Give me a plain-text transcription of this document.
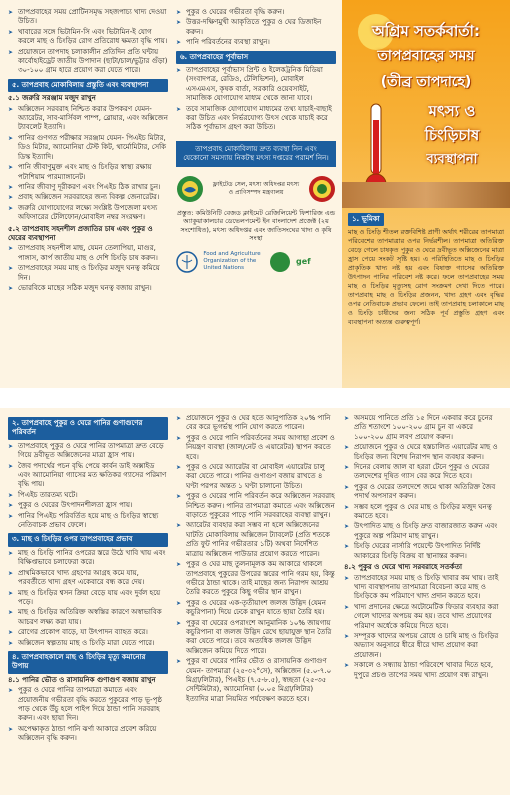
➤ তাপপ্রবাহের সময় প্রোটিনসমৃদ্ধ সহজপাচ্য খাদ্য দেওয়া উচিত।
➤ খাবারের সঙ্গে ভিটামিন-সি এবং ভিটামিন-ই যোগ করলে মাছ ও চিংড়ির রোগ প্রতিরোধ ক্ষমতা বৃদ্ধি পায়।
➤ প্রয়োজনে তাপদাহ চলাকালীন প্রতিদিন প্রতি ঘন্টায় কার্বোহাইড্রেট জাতীয় উপাদান (ছাটা/চাল/ভুট্টার গুঁড়া) ৩০-১০০ গ্রাম হারে প্রয়োগ করা যেতে পারে।
৫. তাপপ্রবাহ মোকাবিলায় প্রস্তুতি এবং ব্যবস্থাপনা
৫.১ জরুরি সরঞ্জাম মজুদ রাখুন
➤ অক্সিজেন সরবরাহ নিশ্চিত করার উপকরণ যেমন- অ্যারেটর, সাব-মার্সিবল পাম্প, ব্লোয়ার, এবং অক্সিজেন ট্যাবলেট ইত্যাদি।
➤ পানির গুণগত পরীক্ষার সরঞ্জাম যেমন- পিএইচ মিটার, ডিও মিটার, অ্যামোনিয়া টেস্ট কিট, থার্মোমিটার, সেকি ডিস্ক ইত্যাদি।
➤ পানি জীবাণুমুক্ত এবং মাছ ও চিংড়ির স্বাস্থ্য রক্ষায় পটাশিয়াম পারম্যাঙ্গানেট।
➤ পানির জীবাণু দূরীকরণ এবং পিএইচ ঠিক রাখার চুন।
➤ প্রবাহ অক্সিজেন সরবরাহের জন্য বিকল্প জেনারেটর।
➤ জরুরি যোগাযোগের লক্ষ্যে সংশ্লিষ্ট উপজেলা মৎস্য অফিসারের টেলিফোন/মোবাইল নম্বর সংরক্ষণ।
৫.২ তাপপ্রবাহ সহনশীল প্রজাতির চাষ এবং পুকুর ও ঘেরের ব্যবস্থাপনা
➤ তাপপ্রবাহ সহনশীল মাছ, যেমন তেলাপিয়া, মাগুর, পাঙ্গাস, কার্প জাতীয় মাছ ও দেশি চিংড়ি চাষ করুন।
➤ তাপপ্রবাহের সময় মাছ ও চিংড়ির মজুদ ঘনত্ব কমিয়ে দিন।
➤ ভোরবিকে মাছের সঠিক মজুদ ঘনত্ব বজায় রাখুন।
➤ পুকুর ও ঘেরের গভীরতা বৃদ্ধি করুন।
➤ উত্তর-দক্ষিণমুখী আকৃতিতে পুকুর ও ঘের ডিজাইন করুন।
➤ পানি পরিবর্তনের ব্যবস্থা রাখুন।
৬. তাপপ্রবাহের পূর্বাভাস
➤ তাপপ্রবাহের পূর্বাভাস প্রিন্ট ও ইলেকট্রনিক মিডিয়া (সংবাদপত্র, রেডিও, টেলিভিশন), মোবাইল এসএমএস, কৃষক বার্তা, সরকারি ওয়েবসাইট, সামাজিক যোগাযোগ মাধ্যম থেকে জানা যাবে।
➤ তবে সামাজিক যোগাযোগ মাধ্যমের তথ্য যাচাই-বাছাই করা উচিত এবং নির্ভরযোগ্য উৎস থেকে যাচাই করে সঠিক পূর্বাভাস গ্রহণ করা উচিত।
তাপপ্রবাহ মোকাবিলায় দ্রুত ব্যবস্থা নিন এবং যেকোনো সমস্যায় নিকটস্থ মৎস্য দপ্তরের পরামর্শ নিন।
ফ্লাইটেড সেল, মৎস্য অধিদপ্তর মৎস্য ও প্রাণিসম্পদ মন্ত্রণালয়
প্রস্তুত: কমিউনিটি বেজড ক্লাইমেট রেজিলিয়েন্ট ফিশারিজ এন্ড অ্যাকুয়াকালচার ডেভেলপমেন্ট ইন বাংলাদেশ প্রজেক্ট (২য় সংশোধিত), মৎস্য অধিদপ্তর এবং জাতিসংঘের খাদ্য ও কৃষি সংস্থা
Food and Agriculture Organization of the United Nations
gef
অগ্রিম সতর্কবার্তা:
তাপপ্রবাহের সময়
(তীব্র তাপদাহে)
মৎস্য ও
চিংড়িচাষ
ব্যবস্থাপনা
১. ভূমিকা
মাছ ও চিংড়ি শীতল রক্তবিশিষ্ট প্রাণী অর্থাৎ শরীরের তাপমাত্রা পরিবেশের তাপমাত্রার ওপর নির্ভরশীল। তাপমাত্রা অতিরিক্ত বেড়ে গেলে চাষকৃত পুকুর ও ঘেরে দ্রবীভূত অক্সিজেনের মাত্রা হ্রাস পেয়ে সংকট সৃষ্টি হয়। এ পরিস্থিতিতে মাছ ও চিংড়ির প্রাকৃতিক খাদ্য নষ্ট হয় এবং বিষাক্ত গ্যাসের অতিরিক্ত উৎপাদন পানির পরিবেশ নষ্ট করে। ফলে তাপপ্রবাহের সময় মাছ ও চিংড়ির মৃত্যুসহ রোগ সংক্রমণ দেখা দিতে পারে। তাপপ্রবাহ মাছ ও চিংড়ির প্রজনন, খাদ্য গ্রহণ এবং বৃদ্ধির ওপর নেতিবাচক প্রভাব ফেলে। তাই তাপপ্রবাহ চলাকালে মাছ ও চিংড়ি চাষীদের জন্য সঠিক পূর্ব প্রস্তুতি গ্রহণ এবং ব্যবস্থাপনা অত্যন্ত গুরুত্বপূর্ণ।
২. তাপপ্রবাহে পুকুর ও ঘেরে পানির গুণাগুণের পরিবর্তন
➤ তাপপ্রবাহে পুকুর ও ঘেরে পানির তাপমাত্রা দ্রুত বেড়ে গিয়ে দ্রবীভূত অক্সিজেনের মাত্রা হ্রাস পায়।
➤ জৈব পদার্থের পচন বৃদ্ধি পেয়ে কার্বন ডাই অক্সাইড এবং অ্যামোনিয়া গ্যাসের মত ক্ষতিকর গ্যাসের পরিমাণ বৃদ্ধি পায়।
➤ পিএইচ তারতম্য ঘটে।
➤ পুকুর ও ঘেরের উৎপাদনশীলতা হ্রাস পায়।
➤ পানির পিএইচ পরিবর্তিত হয়ে মাছ ও চিংড়ির স্বাস্থ্যে নেতিবাচক প্রভাব ফেলে।
৩. মাছ ও চিংড়ির ওপর তাপপ্রবাহের প্রভাব
➤ মাছ ও চিংড়ি পানির ওপরের স্তরে উঠে খাবি খায় এবং বিক্ষিপ্তভাবে চলাফেরা করে।
➤ প্রাথমিকভাবে খাদ্য গ্রহণের আগ্রহ কমে যায়, পরবর্তীতে খাদ্য গ্রহণ একেবারে বন্ধ করে দেয়।
➤ মাছ ও চিংড়ির শ্বসন ক্রিয়া বেড়ে যায় এবং দুর্বল হয়ে পড়ে।
➤ মাছ ও চিংড়ির অতিরিক্ত অস্বস্তির কারণে অস্বাভাবিক আচরণ লক্ষ্য করা যায়।
➤ রোগের প্রকোপ বাড়ে, যা উৎপাদন ব্যাহত করে।
➤ অক্সিজেন স্বল্পতায় মাছ ও চিংড়ি মারা যেতে পারে।
৪. তাপপ্রবাহকালে মাছ ও চিংড়ির মৃত্যু কমানোর উপায়
৪.১ পানির ভৌত ও রাসায়নিক গুণাগুণ বজায় রাখুন
➤ পুকুর ও ঘেরে পানির তাপমাত্রা কমাতে এবং প্রয়োজনীয় গভীরতা বৃদ্ধি করতে পুকুরের পাড় ভূ-পৃষ্ঠ পাড় থেকে উঁচু হলে পাইপ দিয়ে ঠান্ডা পানি সরবরাহ করুন। এবং ছায়া দিন।
➤ অপেক্ষাকৃত ঠান্ডা পানি ঝর্ণা আকারে প্রবেশ করিয়ে অক্সিজেন বৃদ্ধি করুন।
➤ প্রয়োজনে পুকুর ও ঘের হতে আনুপাতিক ২০% পানি বের করে ভূগর্ভস্থ পানি যোগ করতে পারেন।
➤ পুকুর ও ঘেরে পানি পরিবর্তনের সময় আগাছা প্রবেশ ও নিয়ন্ত্রণ ব্যবস্থা (জাল/নেট ও এয়ারেটর) স্থাপন করতে হবে।
➤ পুকুর ও ঘেরে অ্যারেটর বা মোবাইল এয়ারেটর চালু করা যেতে পারে। পানির গুণাগুণ বজায় রাখতে ৪ ঘণ্টা পরপর অন্তত ১ ঘণ্টা চালানো উচিত।
➤ পুকুর ও ঘেরের পানি পরিবর্তন করে অক্সিজেন সরবরাহ নিশ্চিত করুন। পানির তাপমাত্রা কমাতে এবং অক্সিজেন বাড়াতে পুকুরের পাড়ে পানি সরবরাহের ব্যবস্থা রাখুন।
➤ অ্যারেটর ব্যবহার করা সম্ভব না হলে অক্সিজেনের ঘাটতি মোকাবিলায় অক্সিজেন ট্যাবলেট (প্রতি শতকে প্রতি ফুট পানির গভীরতার ১টি) অথবা নির্দেশিত মাত্রায় অক্সিজেন পাউডার প্রয়োগ করতে পারেন।
➤ পুকুর ও ঘের মাছ তুলনামূলক কম আকারে থাকলে তাপপ্রবাহে পুকুরের উপরের স্তরের পানি গরম হয়, কিন্তু গভীরে ঠান্ডা থাকে। তাই মাছের জন্য নিরাপদ আশ্রয় তৈরি করতে পুকুরে কিছু গভীর স্থান রাখুন।
➤ পুকুর ও ঘেরের এক-তৃতীয়াংশ জলজ উদ্ভিদ (যেমন কচুরিপানা) দিয়ে ঢেকে রাখুন যাতে ছায়া তৈরি হয়।
➤ পুকুর বা ঘেরের ওপরাংশে আনুমানিক ১০% জায়গায় কচুরিপানা বা জলজ উদ্ভিদ রেখে ছায়াযুক্ত স্থান তৈরি করা যেতে পারে। তবে অত্যধিক জলজ উদ্ভিদ অক্সিজেন কমিয়ে দিতে পারে।
➤ পুকুর বা ঘেরের পানির ভৌত ও রাসায়নিক গুণাগুণ যেমন- তাপমাত্রা (২৫-৩২°সে), অক্সিজেন (৫.০-৭.০ মিগ্রা/লিটার), পিএইচ (৭.৫-৮.৫), স্বচ্ছতা (২৫-৩৫ সেন্টিমিটার), অ্যামোনিয়া (০.০৫ মিগ্রা/লিটার) ইত্যাদির মাত্রা নিয়মিত পর্যবেক্ষণ করতে হবে।
➤ অসময়ে পানিতে প্রতি ১৫ দিনে একবার করে চুনের প্রতি শতাংশে ১০০-২০০ গ্রাম চুন বা একরে ১০০-২০০ গ্রাম লবণ প্রয়োগ করুন।
➤ প্রয়োজনে পুকুর ও ঘেরে হস্তচালিত এয়ারেটর মাছ ও চিংড়ির জন্য বিশেষ নিরাপদ স্থান ব্যবহার করুন।
➤ দিনের বেলায় জাল বা হররা টেনে পুকুর ও ঘেরের তলদেশের দূষিত গ্যাস বের করে দিতে হবে।
➤ পুকুর ও ঘেরের তলদেশে জমে থাকা অতিরিক্ত জৈব পদার্থ অপসারণ করুন।
➤ সম্ভব হলে পুকুর ও ঘের মাছ ও চিংড়ির মজুদ ঘনত্ব কমাতে হবে।
➤ উৎপাদিত মাছ ও চিংড়ি দ্রুত বাজারজাত করুন এবং পুকুরে অল্প পরিমাণ মাছ রাখুন।
➤ চিংড়ি ঘেরের নার্সারি পয়েন্টে উৎপাদিত নির্দিষ্ট আকারের চিংড়ি বিক্রয় বা স্থানান্তর করুন।
৪.২ পুকুর ও ঘেরে খাদ্য সরবরাহে সতর্কতা
➤ তাপপ্রবাহের সময় মাছ ও চিংড়ি খাবার কম খায়। তাই খাদ্য ব্যবস্থাপনায় তাপমাত্রা বিবেচনা করে মাছ ও চিংড়িকে কম পরিমাণে খাদ্য প্রদান করতে হবে।
➤ খাদ্য প্রদানের ক্ষেত্রে অটোমেটিক ফিডার ব্যবহার করা গেলে খাদ্যের অপচয় কম হয়। তবে খাদ্য প্রয়োগের পরিমাণ অর্ধেকে কমিয়ে দিতে হবে।
➤ সম্পূরক খাদ্যের অপচয় রোধে ও চাষি মাছ ও চিংড়ির অভ্যাস অনুসারে ধীরে ধীরে খাদ্য প্রয়োগ করা প্রয়োজন।
➤ সকালে ও সন্ধ্যায় ঠান্ডা পরিবেশে খাবার দিতে হবে, দুপুরে প্রচণ্ড তাপের সময় খাদ্য প্রয়োগ বন্ধ রাখুন।
